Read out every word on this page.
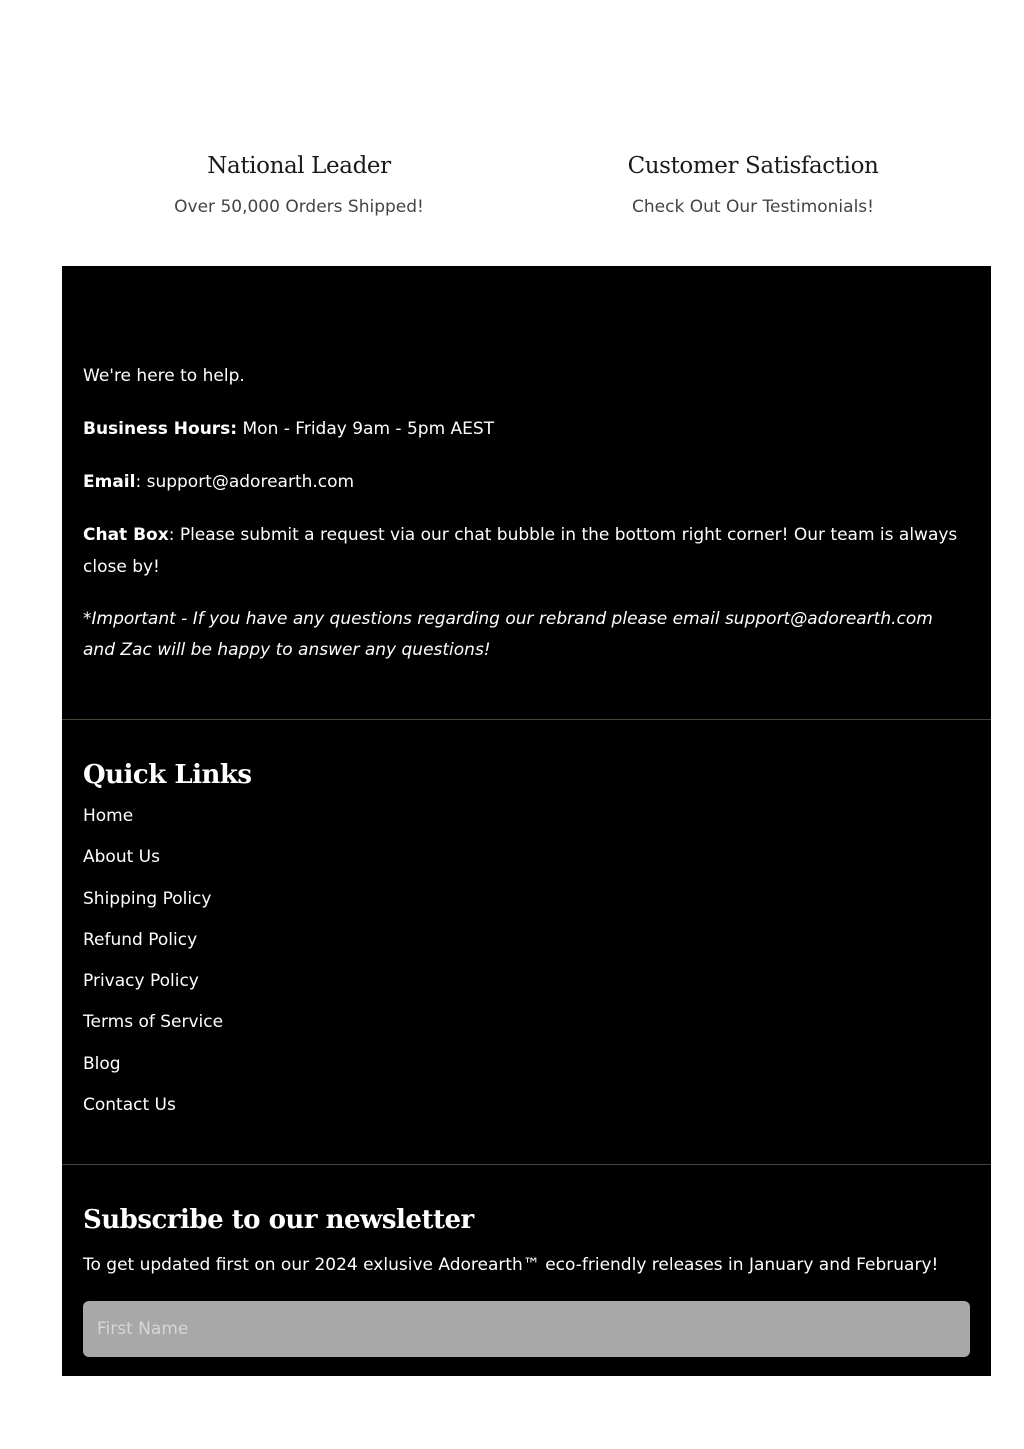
National Leader
Over 50,000 Orders Shipped!
Customer Satisfaction
Check Out Our Testimonials!

We're here to help.

Business Hours: Mon - Friday 9am - 5pm AEST

Email: support@adorearth.com

Chat Box: Please submit a request via our chat bubble in the bottom right corner! Our team is always close by!

*Important - If you have any questions regarding our rebrand please email support@adorearth.com and Zac will be happy to answer any questions!

Quick Links
Home
About Us
Shipping Policy
Refund Policy
Privacy Policy
Terms of Service
Blog
Contact Us
Subscribe to our newsletter

To get updated first on our 2024 exlusive Adorearth™ eco-friendly releases in January and February!

First Name
